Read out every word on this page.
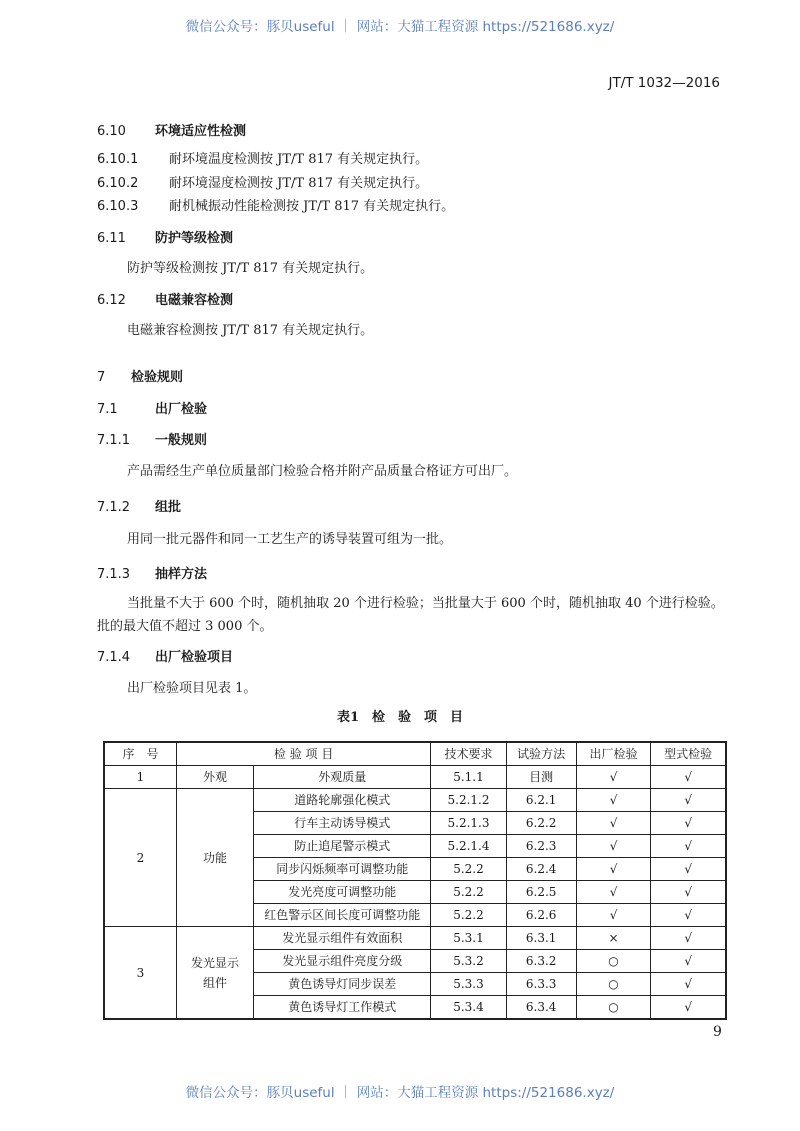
微信公众号：豚贝useful ｜ 网站：大猫工程资源 https://521686.xyz/
JT/T 1032—2016
6.10 环境适应性检测
6.10.1 耐环境温度检测按 JT/T 817 有关规定执行。
6.10.2 耐环境湿度检测按 JT/T 817 有关规定执行。
6.10.3 耐机械振动性能检测按 JT/T 817 有关规定执行。
6.11 防护等级检测
防护等级检测按 JT/T 817 有关规定执行。
6.12 电磁兼容检测
电磁兼容检测按 JT/T 817 有关规定执行。
7 检验规则
7.1	出厂检验
7.1.1 一般规则
产品需经生产单位质量部门检验合格并附产品质量合格证方可出厂。
7.1.2 组批
用同一批元器件和同一工艺生产的诱导装置可组为一批。
7.1.3 抽样方法
当批量不大于 600 个时，随机抽取 20 个进行检验；当批量大于 600 个时，随机抽取 40 个进行检验。
批的最大值不超过 3 000 个。
7.1.4 出厂检验项目
出厂检验项目见表 1。
表1　检　验　项　目
序　号	检 验 项 目		技术要求	试验方法	出厂检验	型式检验
1	外观	外观质量	5.1.1	目测	√	√
2	功能	道路轮廓强化模式	5.2.1.2	6.2.1	√	√
		行车主动诱导模式	5.2.1.3	6.2.2	√	√
		防止追尾警示模式	5.2.1.4	6.2.3	√	√
		同步闪烁频率可调整功能	5.2.2	6.2.4	√	√
		发光亮度可调整功能	5.2.2	6.2.5	√	√
		红色警示区间长度可调整功能	5.2.2	6.2.6	√	√
3	发光显示组件	发光显示组件有效面积	5.3.1	6.3.1	×	√
		发光显示组件亮度分级	5.3.2	6.3.2	○	√
		黄色诱导灯同步误差	5.3.3	6.3.3	○	√
		黄色诱导灯工作模式	5.3.4	6.3.4	○	√
9
微信公众号：豚贝useful ｜ 网站：大猫工程资源 https://521686.xyz/
